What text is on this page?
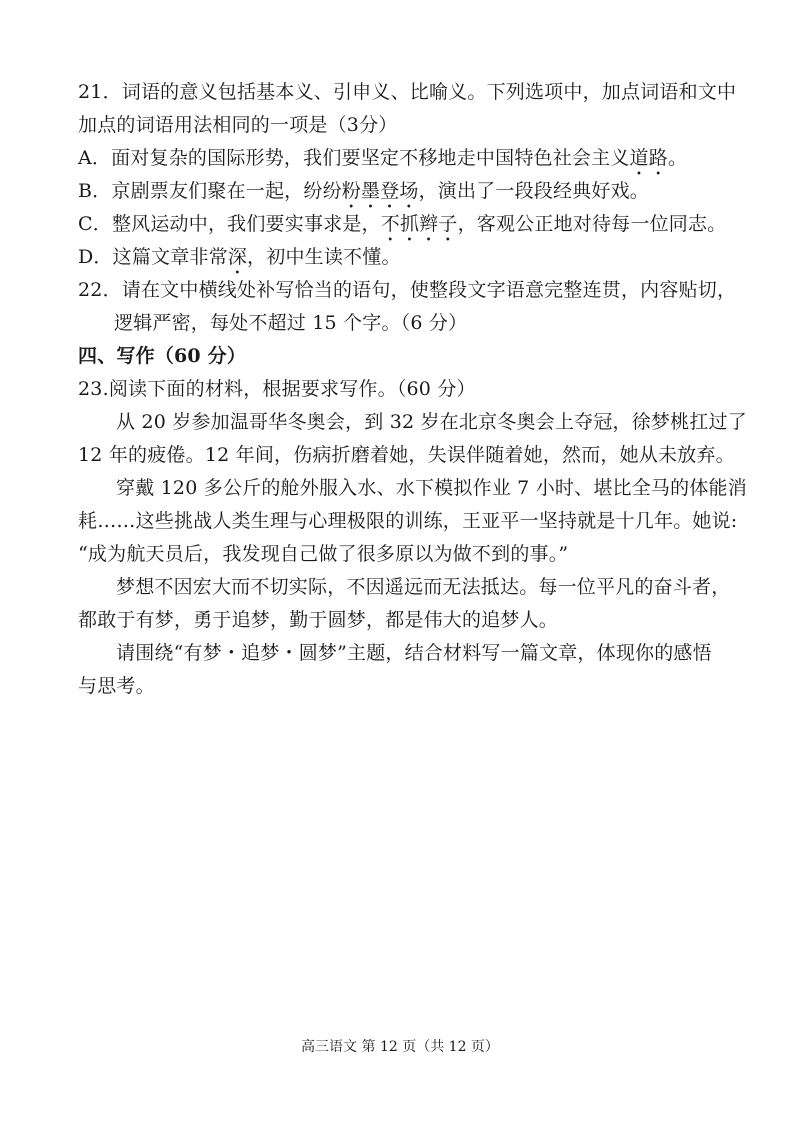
21．词语的意义包括基本义、引申义、比喻义。下列选项中，加点词语和文中
加点的词语用法相同的一项是（3分）
A．面对复杂的国际形势，我们要坚定不移地走中国特色社会主义道路。
B．京剧票友们聚在一起，纷纷粉墨登场，演出了一段段经典好戏。
C．整风运动中，我们要实事求是，不抓辫子，客观公正地对待每一位同志。
D．这篇文章非常深，初中生读不懂。
22．请在文中横线处补写恰当的语句，使整段文字语意完整连贯，内容贴切，
逻辑严密，每处不超过 15 个字。（6 分）
四、写作（60 分）
23.阅读下面的材料，根据要求写作。（60 分）
从 20 岁参加温哥华冬奥会，到 32 岁在北京冬奥会上夺冠，徐梦桃扛过了
12 年的疲倦。12 年间，伤病折磨着她，失误伴随着她，然而，她从未放弃。
穿戴 120 多公斤的舱外服入水、水下模拟作业 7 小时、堪比全马的体能消
耗……这些挑战人类生理与心理极限的训练，王亚平一坚持就是十几年。她说:
“成为航天员后，我发现自己做了很多原以为做不到的事。”
梦想不因宏大而不切实际，不因遥远而无法抵达。每一位平凡的奋斗者，
都敢于有梦，勇于追梦，勤于圆梦，都是伟大的追梦人。
请围绕“有梦・追梦・圆梦”主题，结合材料写一篇文章，体现你的感悟
与思考。
高三语文 第 12 页（共 12 页）
